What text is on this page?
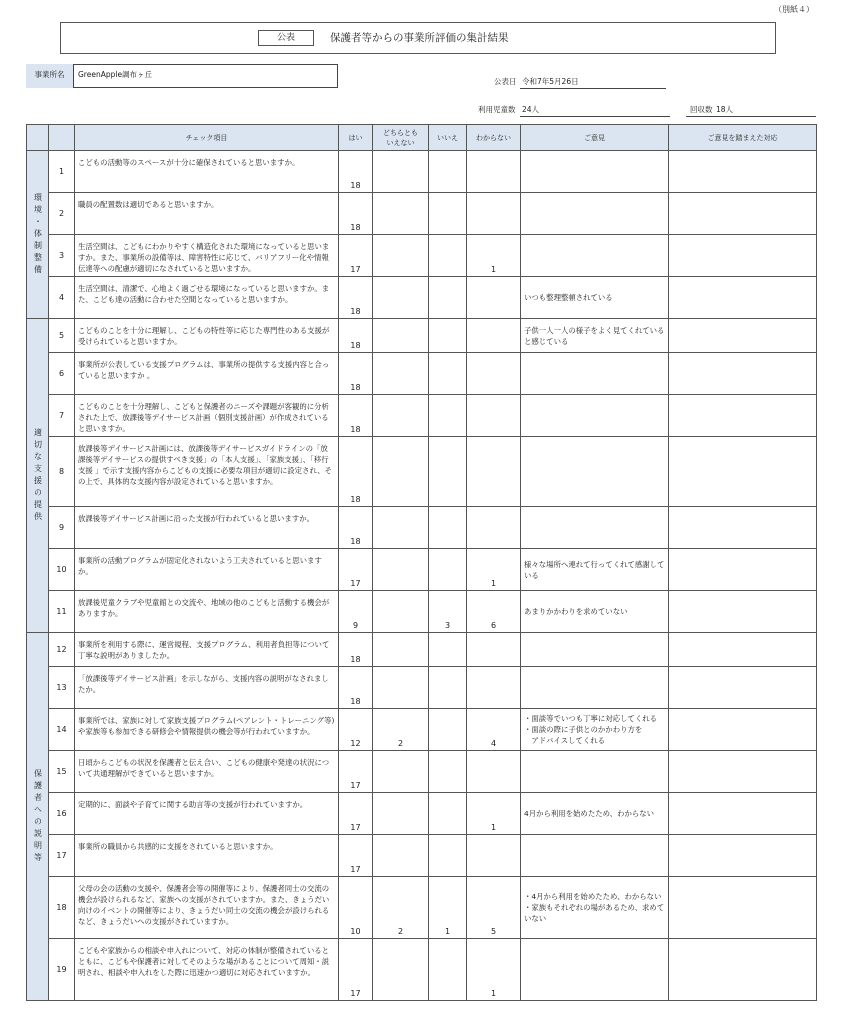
（別紙４）
公表	保護者等からの事業所評価の集計結果
事業所名	GreenApple調布ヶ丘
公表日 令和7年5月26日
利用児童数 24人	回収数 18人
		チェック項目	はい	どちらとも
いえない	いいえ	わからない	ご意見	ご意見を踏まえた対応
環境・体制整備	1	こどもの活動等のスペースが十分に確保されていると思いますか。	18					
	2	職員の配置数は適切であると思いますか。	18					
	3	生活空間は、こどもにわかりやすく構造化された環境になっていると思いますか。また、事業所の設備等は、障害特性に応じて、バリアフリー化や情報伝達等への配慮が適切になされていると思いますか。	17			1		
	4	生活空間は、清潔で、心地よく過ごせる環境になっていると思いますか。また、こども達の活動に合わせた空間となっていると思いますか。	18				いつも整理整頓されている	
適切な支援の提供	5	こどものことを十分に理解し、こどもの特性等に応じた専門性のある支援が受けられていると思いますか。	18				子供一人一人の様子をよく見てくれていると感じている	
	6	事業所が公表している支援プログラムは、事業所の提供する支援内容と合っていると思いますか 。	18					
	7	こどものことを十分理解し、こどもと保護者のニーズや課題が客観的に分析された上で、放課後等デイサービス計画（個別支援計画）が作成されていると思いますか。	18					
	8	放課後等デイサービス計画には、放課後等デイサービスガイドラインの「放課後等デイサービスの提供すべき支援」の「本人支援」、「家族支援」、「移行支援 」で示す支援内容からこどもの支援に必要な項目が適切に設定され、その上で、具体的な支援内容が設定されていると思いますか。	18					
	9	放課後等デイサービス計画に沿った支援が行われていると思いますか。	18					
	10	事業所の活動プログラムが固定化されないよう工夫されていると思いますか。	17			1	様々な場所へ連れて行ってくれて感謝している	
	11	放課後児童クラブや児童館との交流や、地域の他のこどもと活動する機会がありますか。	9		3	6	あまりかかわりを求めていない	
保護者への説明等	12	事業所を利用する際に、運営規程、支援プログラム、利用者負担等について丁寧な説明がありましたか。	18					
	13	「放課後等デイサービス計画」を示しながら、支援内容の説明がなされましたか。	18					
	14	事業所では、家族に対して家族支援プログラム(ペアレント・トレーニング等)や家族等も参加できる研修会や情報提供の機会等が行われていますか。	12	2		4	・面談等でいつも丁寧に対応してくれる
・面談の際に子供とのかかわり方を
　アドバイスしてくれる	
	15	日頃からこどもの状況を保護者と伝え合い、こどもの健康や発達の状況について共通理解ができていると思いますか。	17					
	16	定期的に、面談や子育てに関する助言等の支援が行われていますか。	17			1	4月から利用を始めたため、わからない	
	17	事業所の職員から共感的に支援をされていると思いますか。	17					
	18	父母の会の活動の支援や、保護者会等の開催等により、保護者同士の交流の機会が設けられるなど、家族への支援がされていますか。また、きょうだい向けのイベントの開催等により、きょうだい同士の交流の機会が設けられるなど、きょうだいへの支援がされていますか。	10	2	1	5	・4月から利用を始めたため、わからない
・家族もそれぞれの場があるため、求めていない	
	19	こどもや家族からの相談や申入れについて、対応の体制が整備されているとともに、こどもや保護者に対してそのような場があることについて周知・説明され、相談や申入れをした際に迅速かつ適切に対応されていますか。	17			1		
